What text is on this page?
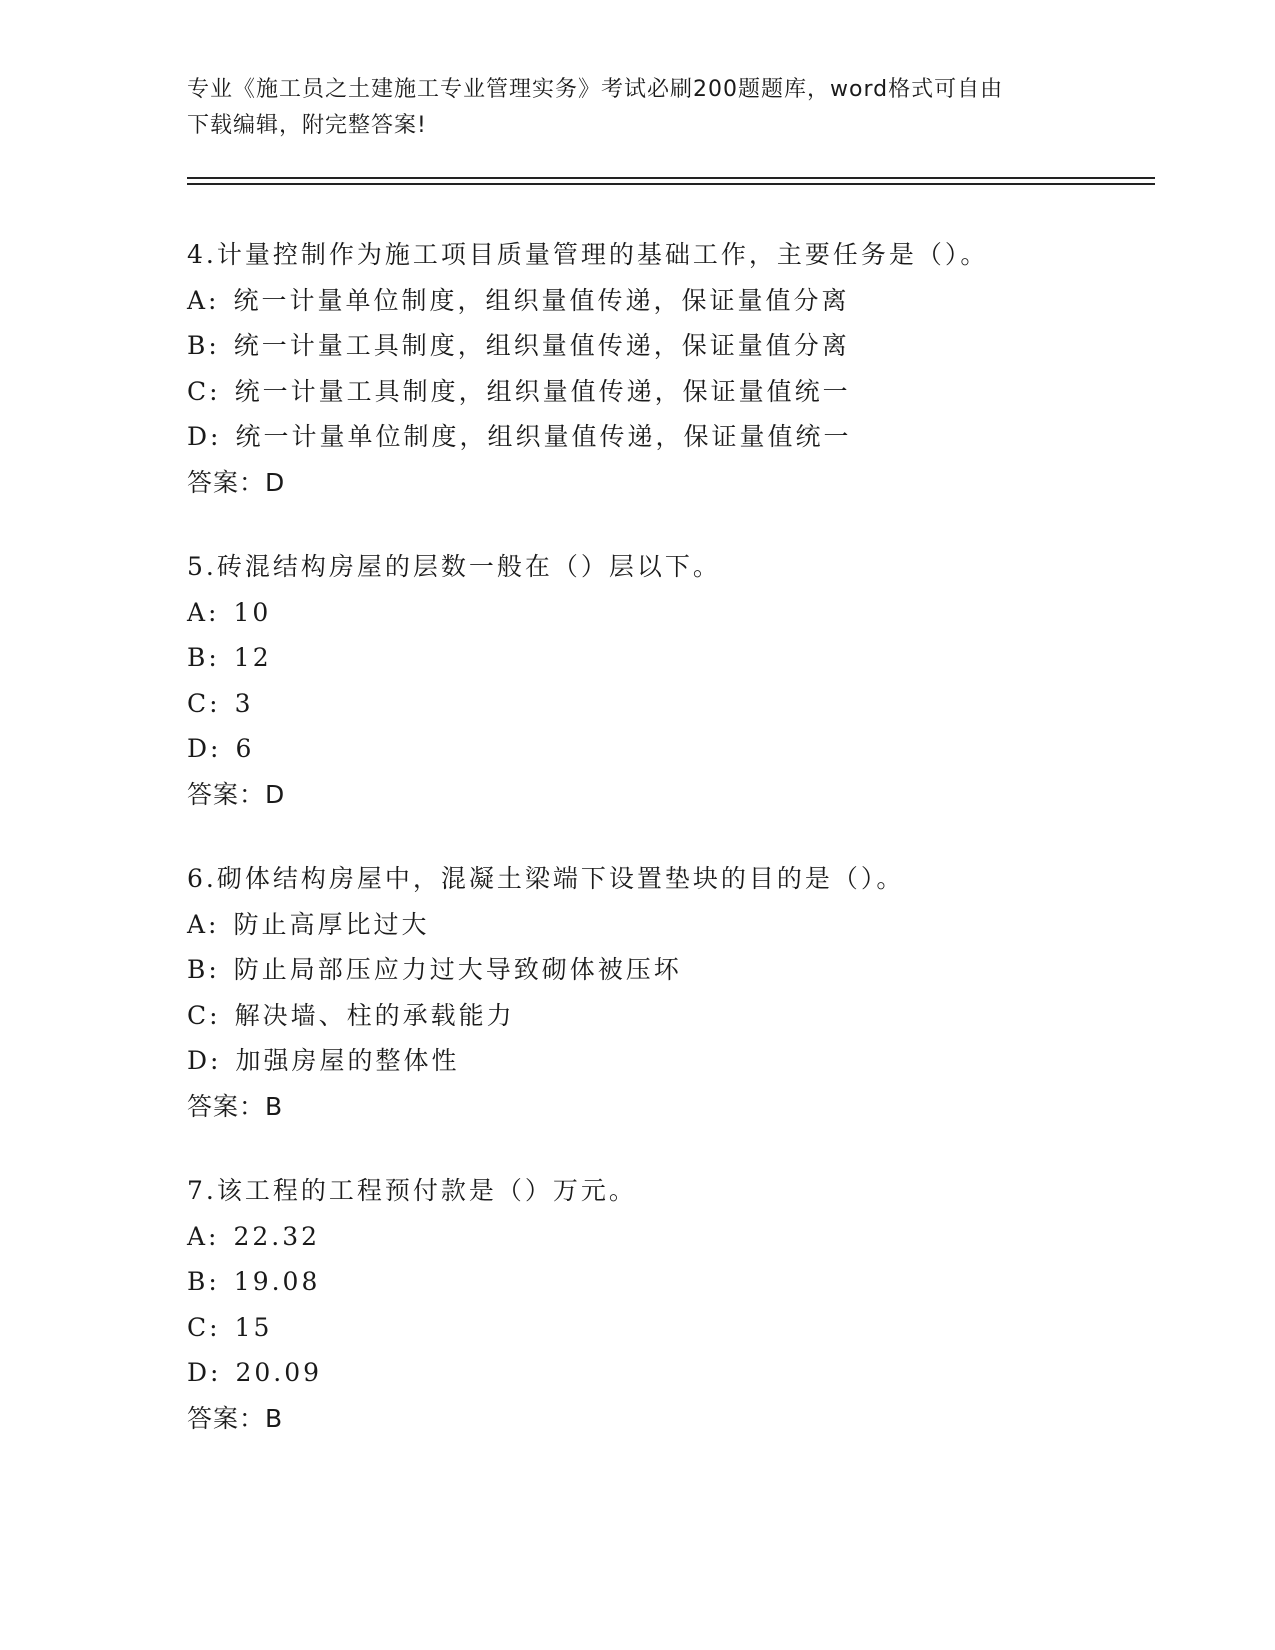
专业《施工员之土建施工专业管理实务》考试必刷200题题库，word格式可自由
下载编辑，附完整答案!
4.计量控制作为施工项目质量管理的基础工作，主要任务是（）。
A: 统一计量单位制度，组织量值传递，保证量值分离
B: 统一计量工具制度，组织量值传递，保证量值分离
C: 统一计量工具制度，组织量值传递，保证量值统一
D: 统一计量单位制度，组织量值传递，保证量值统一
答案：D
5.砖混结构房屋的层数一般在（）层以下。
A: 10
B: 12
C: 3
D: 6
答案：D
6.砌体结构房屋中，混凝土梁端下设置垫块的目的是（）。
A: 防止高厚比过大
B: 防止局部压应力过大导致砌体被压坏
C: 解决墙、柱的承载能力
D: 加强房屋的整体性
答案：B
7.该工程的工程预付款是（）万元。
A: 22.32
B: 19.08
C: 15
D: 20.09
答案：B
